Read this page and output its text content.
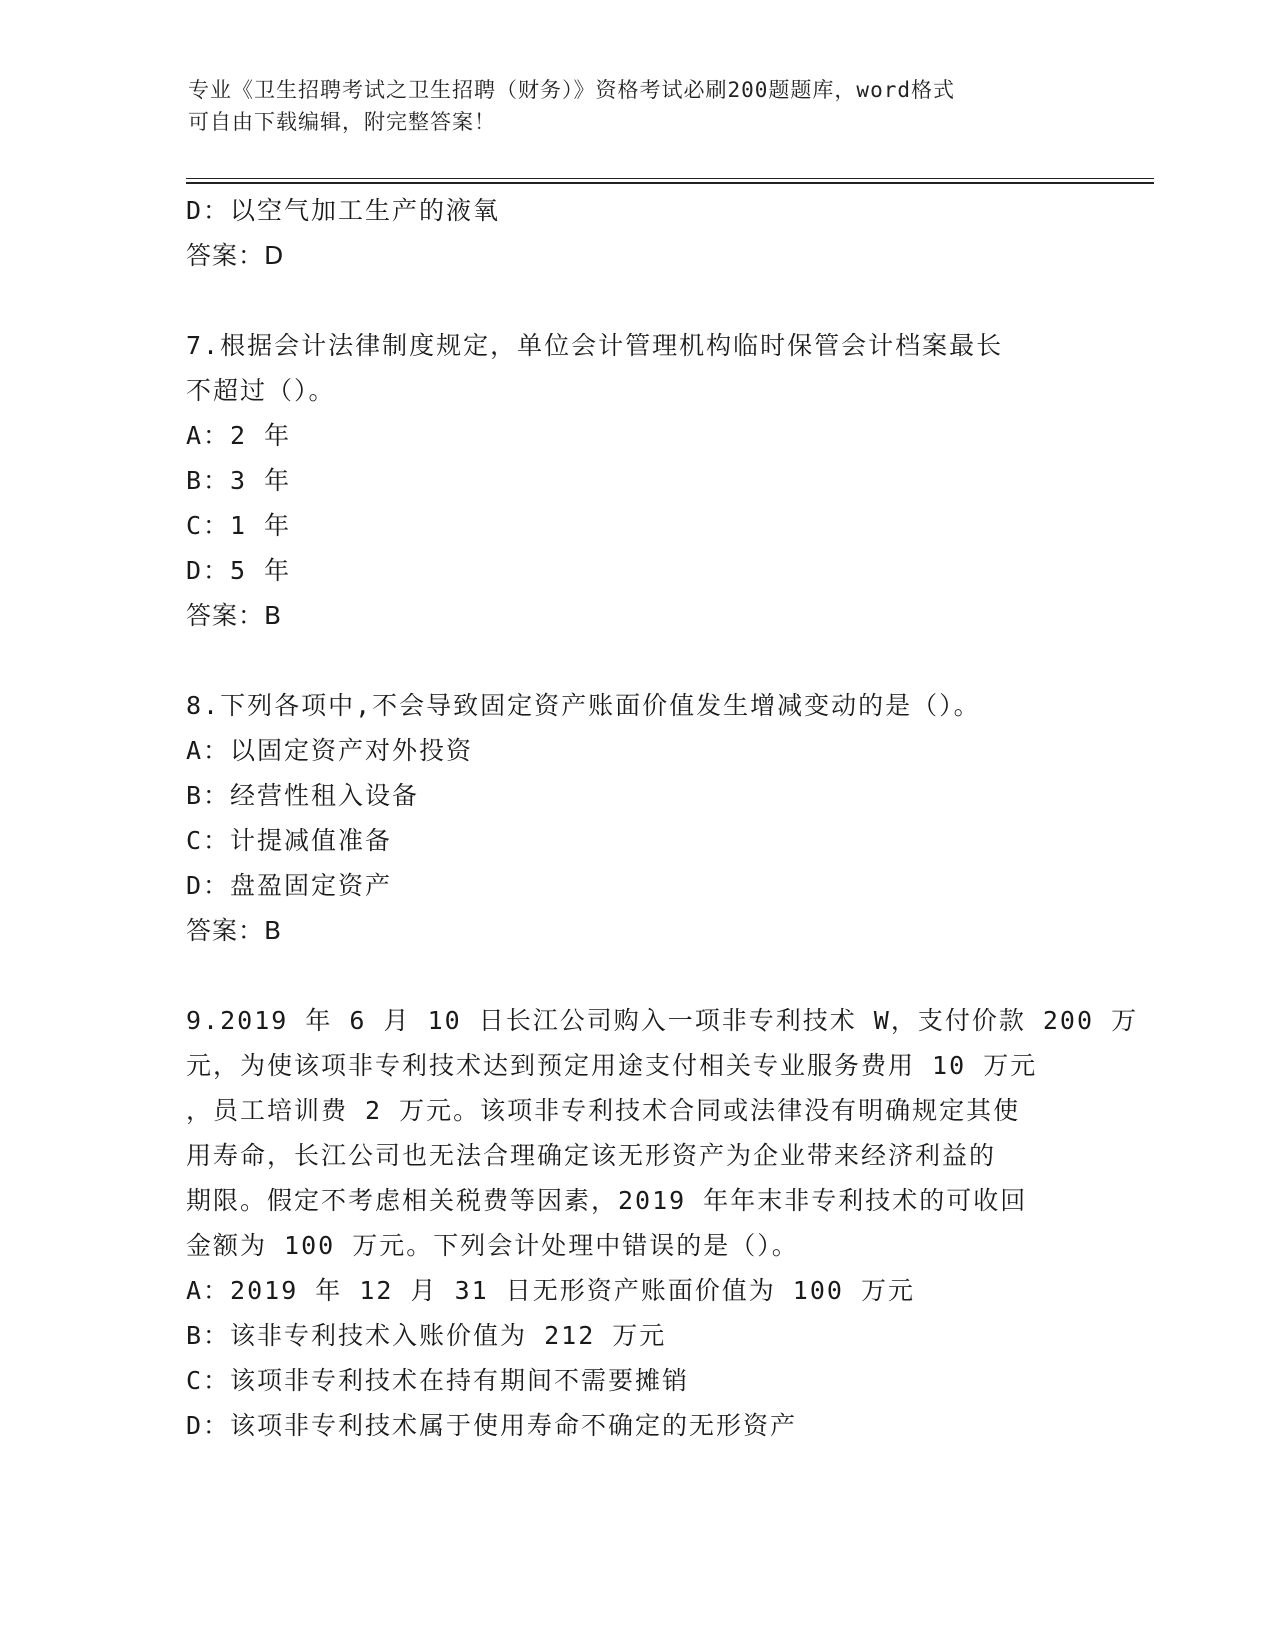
专业《卫生招聘考试之卫生招聘（财务）》资格考试必刷200题题库，word格式
可自由下载编辑，附完整答案！
D：以空气加工生产的液氧
答案：D
7.根据会计法律制度规定，单位会计管理机构临时保管会计档案最长
不超过（）。
A：2 年
B：3 年
C：1 年
D：5 年
答案：B
8.下列各项中,不会导致固定资产账面价值发生增减变动的是（）。
A：以固定资产对外投资
B：经营性租入设备
C：计提减值准备
D：盘盈固定资产
答案：B
9.2019 年 6 月 10 日长江公司购入一项非专利技术 W，支付价款 200 万
元，为使该项非专利技术达到预定用途支付相关专业服务费用 10 万元
，员工培训费 2 万元。该项非专利技术合同或法律没有明确规定其使
用寿命，长江公司也无法合理确定该无形资产为企业带来经济利益的
期限。假定不考虑相关税费等因素，2019 年年末非专利技术的可收回
金额为 100 万元。下列会计处理中错误的是（）。
A：2019 年 12 月 31 日无形资产账面价值为 100 万元
B：该非专利技术入账价值为 212 万元
C：该项非专利技术在持有期间不需要摊销
D：该项非专利技术属于使用寿命不确定的无形资产
